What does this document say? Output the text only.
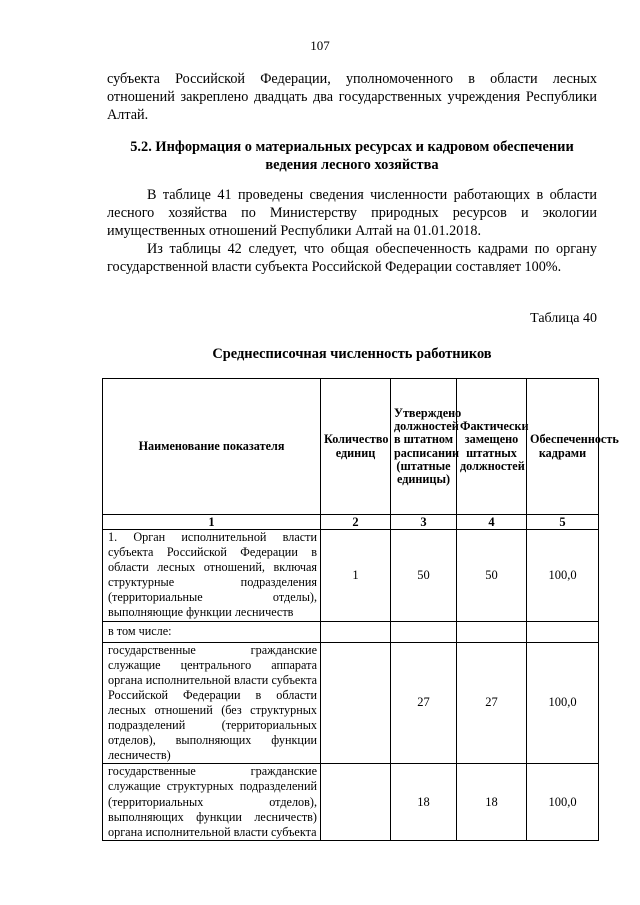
107

субъекта Российской Федерации, уполномоченного в области лесных отношений закреплено двадцать два государственных учреждения Республики Алтай.

5.2. Информация о материальных ресурсах и кадровом обеспечении ведения лесного хозяйства

В таблице 41 проведены сведения численности работающих в области лесного хозяйства по Министерству природных ресурсов и экологии имущественных отношений Республики Алтай на 01.01.2018.

Из таблицы 42 следует, что общая обеспеченность кадрами по органу государственной власти субъекта Российской Федерации составляет 100%.

Таблица 40
Среднесписочная численность работников
Наименование показателя	Количество единиц	Утверждено должностей в штатном расписании (штатные единицы)	Фактически замещено штатных должностей	Обеспеченность кадрами
1	2	3	4	5
1. Орган исполнительной власти субъекта Российской Федерации в области лесных отношений, включая структурные подразделения (территориальные отделы), выполняющие функции лесничеств	1	50	50	100,0
в том числе:				
государственные гражданские служащие центрального аппарата органа исполнительной власти субъекта Российской Федерации в области лесных отношений (без структурных подразделений (территориальных отделов), выполняющих функции лесничеств)		27	27	100,0
государственные гражданские служащие структурных подразделений (территориальных отделов), выполняющих функции лесничеств) органа исполнительной власти субъекта		18	18	100,0
